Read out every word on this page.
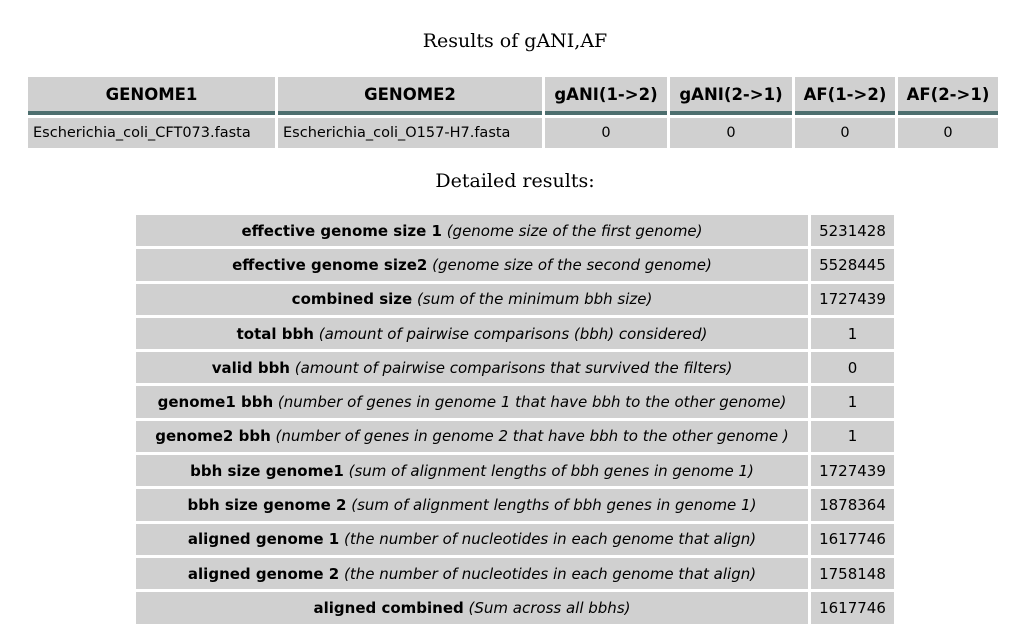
Results of gANI,AF
GENOME1	GENOME2	gANI(1->2)	gANI(2->1)	AF(1->2)	AF(2->1)
Escherichia_coli_CFT073.fasta	Escherichia_coli_O157-H7.fasta	0	0	0	0
Detailed results:
effective genome size 1 (genome size of the first genome)	5231428
effective genome size2 (genome size of the second genome)	5528445
combined size (sum of the minimum bbh size)	1727439
total bbh (amount of pairwise comparisons (bbh) considered)	1
valid bbh (amount of pairwise comparisons that survived the filters)	0
genome1 bbh (number of genes in genome 1 that have bbh to the other genome)	1
genome2 bbh (number of genes in genome 2 that have bbh to the other genome )	1
bbh size genome1 (sum of alignment lengths of bbh genes in genome 1)	1727439
bbh size genome 2 (sum of alignment lengths of bbh genes in genome 1)	1878364
aligned genome 1 (the number of nucleotides in each genome that align)	1617746
aligned genome 2 (the number of nucleotides in each genome that align)	1758148
aligned combined (Sum across all bbhs)	1617746
